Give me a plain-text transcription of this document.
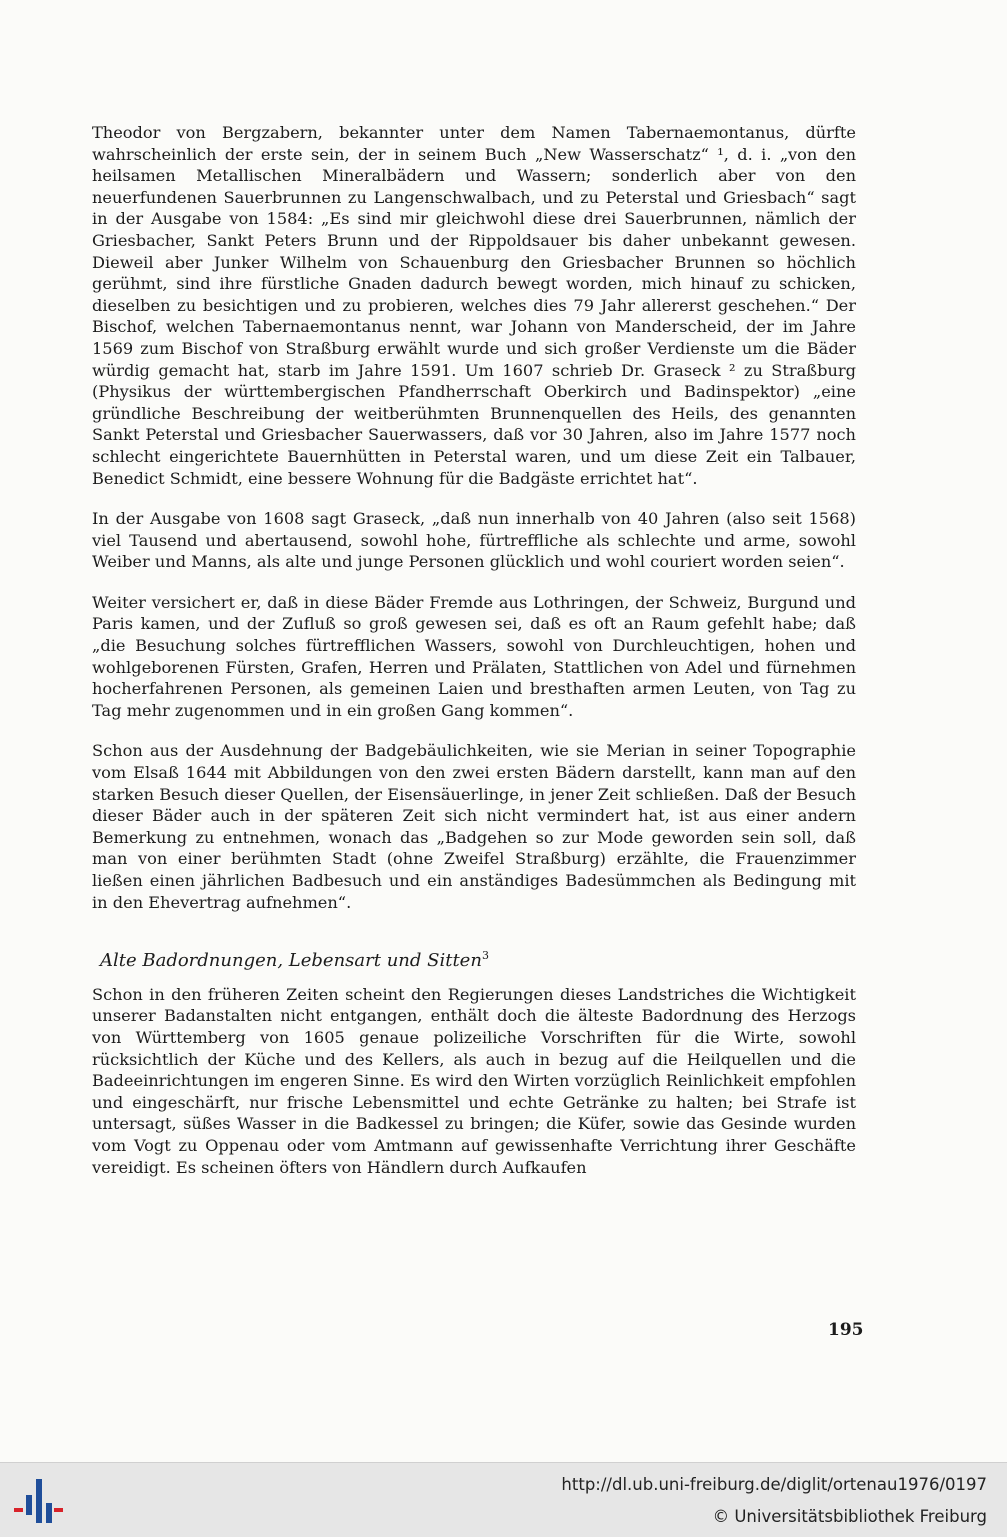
Theodor von Bergzabern, bekannter unter dem Namen Tabernaemontanus, dürfte wahrscheinlich der erste sein, der in seinem Buch „New Wasserschatz“ ¹, d. i. „von den heilsamen Metallischen Mineralbädern und Wassern; sonderlich aber von den neuerfundenen Sauerbrunnen zu Langenschwalbach, und zu Peterstal und Griesbach“ sagt in der Ausgabe von 1584: „Es sind mir gleichwohl diese drei Sauerbrunnen, nämlich der Griesbacher, Sankt Peters Brunn und der Rippoldsauer bis daher unbekannt gewesen. Dieweil aber Junker Wilhelm von Schauenburg den Griesbacher Brunnen so höchlich gerühmt, sind ihre fürstliche Gnaden dadurch bewegt worden, mich hinauf zu schicken, dieselben zu besichtigen und zu probieren, welches dies 79 Jahr allererst geschehen.“ Der Bischof, welchen Tabernaemontanus nennt, war Johann von Manderscheid, der im Jahre 1569 zum Bischof von Straßburg erwählt wurde und sich großer Verdienste um die Bäder würdig gemacht hat, starb im Jahre 1591. Um 1607 schrieb Dr. Graseck ² zu Straßburg (Physikus der württembergischen Pfandherrschaft Oberkirch und Badinspektor) „eine gründliche Beschreibung der weitberühmten Brunnenquellen des Heils, des genannten Sankt Peterstal und Griesbacher Sauerwassers, daß vor 30 Jahren, also im Jahre 1577 noch schlecht eingerichtete Bauernhütten in Peterstal waren, und um diese Zeit ein Talbauer, Benedict Schmidt, eine bessere Wohnung für die Badgäste errichtet hat“.

In der Ausgabe von 1608 sagt Graseck, „daß nun innerhalb von 40 Jahren (also seit 1568) viel Tausend und abertausend, sowohl hohe, fürtreffliche als schlechte und arme, sowohl Weiber und Manns, als alte und junge Personen glücklich und wohl couriert worden seien“.

Weiter versichert er, daß in diese Bäder Fremde aus Lothringen, der Schweiz, Burgund und Paris kamen, und der Zufluß so groß gewesen sei, daß es oft an Raum gefehlt habe; daß „die Besuchung solches fürtrefflichen Wassers, sowohl von Durchleuchtigen, hohen und wohlgeborenen Fürsten, Grafen, Herren und Prälaten, Stattlichen von Adel und fürnehmen hocherfahrenen Personen, als gemeinen Laien und bresthaften armen Leuten, von Tag zu Tag mehr zugenommen und in ein großen Gang kommen“.

Schon aus der Ausdehnung der Badgebäulichkeiten, wie sie Merian in seiner Topographie vom Elsaß 1644 mit Abbildungen von den zwei ersten Bädern darstellt, kann man auf den starken Besuch dieser Quellen, der Eisensäuerlinge, in jener Zeit schließen. Daß der Besuch dieser Bäder auch in der späteren Zeit sich nicht vermindert hat, ist aus einer andern Bemerkung zu entnehmen, wonach das „Badgehen so zur Mode geworden sein soll, daß man von einer berühmten Stadt (ohne Zweifel Straßburg) erzählte, die Frauenzimmer ließen einen jährlichen Badbesuch und ein anständiges Badesümmchen als Bedingung mit in den Ehevertrag aufnehmen“.

Alte Badordnungen, Lebensart und Sitten$^3$

Schon in den früheren Zeiten scheint den Regierungen dieses Landstriches die Wichtigkeit unserer Badanstalten nicht entgangen, enthält doch die älteste Badordnung des Herzogs von Württemberg von 1605 genaue polizeiliche Vorschriften für die Wirte, sowohl rücksichtlich der Küche und des Kellers, als auch in bezug auf die Heilquellen und die Badeeinrichtungen im engeren Sinne. Es wird den Wirten vorzüglich Reinlichkeit empfohlen und eingeschärft, nur frische Lebensmittel und echte Getränke zu halten; bei Strafe ist untersagt, süßes Wasser in die Badkessel zu bringen; die Küfer, sowie das Gesinde wurden vom Vogt zu Oppenau oder vom Amtmann auf gewissenhafte Verrichtung ihrer Geschäfte vereidigt. Es scheinen öfters von Händlern durch Aufkaufen

195
http://dl.ub.uni-freiburg.de/diglit/ortenau1976/0197
© Universitätsbibliothek Freiburg
